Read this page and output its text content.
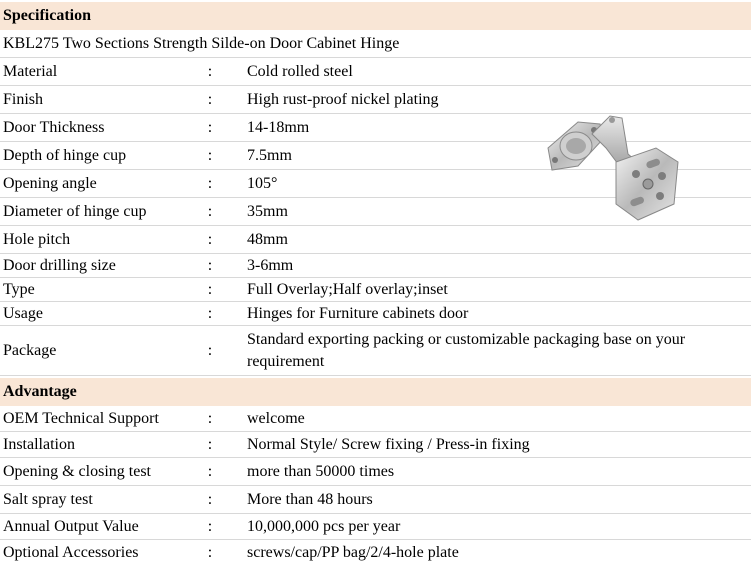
Specification
KBL275 Two Sections Strength Silde-on Door Cabinet Hinge
Material	: Cold rolled steel
Finish	: High rust-proof nickel plating
Door Thickness	: 14-18mm
Depth of hinge cup	: 7.5mm
Opening angle	: 105°
Diameter of hinge cup	: 35mm
Hole pitch	: 48mm
Door drilling size	: 3-6mm
Type	: Full Overlay;Half overlay;inset
Usage	: Hinges for Furniture cabinets door
Package	:
Standard exporting packing or customizable packaging base on your requirement
Advantage
OEM Technical Support	: welcome
Installation	: Normal Style/ Screw fixing / Press-in fixing
Opening & closing test	: more than 50000 times
Salt spray test	: More than 48 hours
Annual Output Value	: 10,000,000 pcs per year
Optional Accessories	: screws/cap/PP bag/2/4-hole plate
